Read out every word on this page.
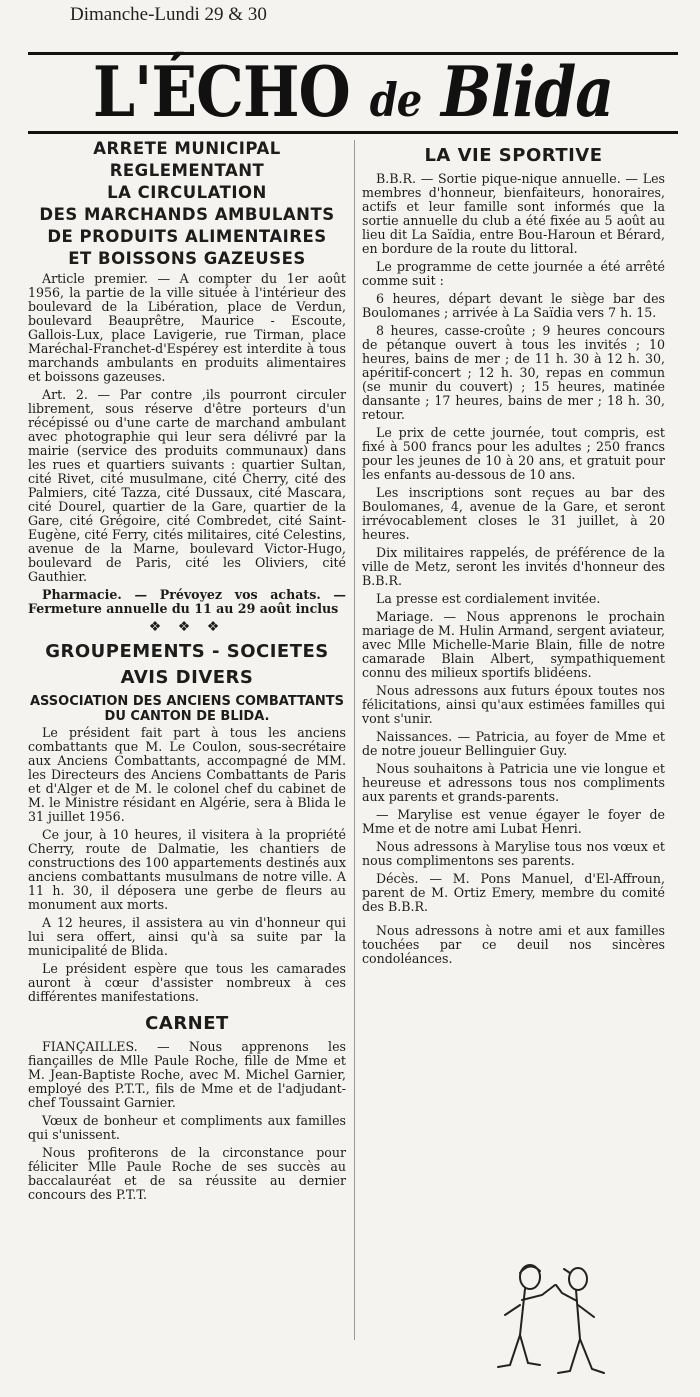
Dimanche-Lundi 29 & 30
L'ÉCHO de Blida
ARRETE MUNICIPAL
REGLEMENTANT
LA CIRCULATION
DES MARCHANDS AMBULANTS
DE PRODUITS ALIMENTAIRES
ET BOISSONS GAZEUSES

Article premier. — A compter du 1er août 1956, la partie de la ville située à l'intérieur des boulevard de la Libération, place de Verdun, boulevard Beauprêtre, Maurice - Escoute, Gallois-Lux, place Lavigerie, rue Tirman, place Maréchal-Franchet-d'Espérey est interdite à tous marchands ambulants en produits alimentaires et boissons gazeuses.

Art. 2. — Par contre ,ils pourront circuler librement, sous réserve d'être porteurs d'un récépissé ou d'une carte de marchand ambulant avec photographie qui leur sera délivré par la mairie (service des produits communaux) dans les rues et quartiers suivants : quartier Sultan, cité Rivet, cité musulmane, cité Cherry, cité des Palmiers, cité Tazza, cité Dussaux, cité Mascara, cité Dourel, quartier de la Gare, quartier de la Gare, cité Grégoire, cité Combredet, cité Saint-Eugène, cité Ferry, cités militaires, cité Celestins, avenue de la Marne, boulevard Victor-Hugo, boulevard de Paris, cité les Oliviers, cité Gauthier.

Pharmacie. — Prévoyez vos achats. — Fermeture annuelle du 11 au 29 août inclus

❖ ❖ ❖
GROUPEMENTS - SOCIETES
AVIS DIVERS
ASSOCIATION DES ANCIENS COMBATTANTS DU CANTON DE BLIDA.

Le président fait part à tous les anciens combattants que M. Le Coulon, sous-secrétaire aux Anciens Combattants, accompagné de MM. les Directeurs des Anciens Combattants de Paris et d'Alger et de M. le colonel chef du cabinet de M. le Ministre résidant en Algérie, sera à Blida le 31 juillet 1956.

Ce jour, à 10 heures, il visitera à la propriété Cherry, route de Dalmatie, les chantiers de constructions des 100 appartements destinés aux anciens combattants musulmans de notre ville. A 11 h. 30, il déposera une gerbe de fleurs au monument aux morts.

A 12 heures, il assistera au vin d'honneur qui lui sera offert, ainsi qu'à sa suite par la municipalité de Blida.

Le président espère que tous les camarades auront à cœur d'assister nombreux à ces différentes manifestations.

CARNET

FIANÇAILLES. — Nous apprenons les fiançailles de Mlle Paule Roche, fille de Mme et M. Jean-Baptiste Roche, avec M. Michel Garnier, employé des P.T.T., fils de Mme et de l'adjudant-chef Toussaint Garnier.

Vœux de bonheur et compliments aux familles qui s'unissent.

Nous profiterons de la circonstance pour féliciter Mlle Paule Roche de ses succès au baccalauréat et de sa réussite au dernier concours des P.T.T.

LA VIE SPORTIVE

B.B.R. — Sortie pique-nique annuelle. — Les membres d'honneur, bienfaiteurs, honoraires, actifs et leur famille sont informés que la sortie annuelle du club a été fixée au 5 août au lieu dit La Saïdia, entre Bou-Haroun et Bérard, en bordure de la route du littoral.

Le programme de cette journée a été arrêté comme suit :

6 heures, départ devant le siège bar des Boulomanes ; arrivée à La Saïdia vers 7 h. 15.

8 heures, casse-croûte ; 9 heures concours de pétanque ouvert à tous les invités ; 10 heures, bains de mer ; de 11 h. 30 à 12 h. 30, apéritif-concert ; 12 h. 30, repas en commun (se munir du couvert) ; 15 heures, matinée dansante ; 17 heures, bains de mer ; 18 h. 30, retour.

Le prix de cette journée, tout compris, est fixé à 500 francs pour les adultes ; 250 francs pour les jeunes de 10 à 20 ans, et gratuit pour les enfants au-dessous de 10 ans.

Les inscriptions sont reçues au bar des Boulomanes, 4, avenue de la Gare, et seront irrévocablement closes le 31 juillet, à 20 heures.

Dix militaires rappelés, de préférence de la ville de Metz, seront les invités d'honneur des B.B.R.

La presse est cordialement invitée.

Mariage. — Nous apprenons le prochain mariage de M. Hulin Armand, sergent aviateur, avec Mlle Michelle-Marie Blain, fille de notre camarade Blain Albert, sympathiquement connu des milieux sportifs blidéens.

Nous adressons aux futurs époux toutes nos félicitations, ainsi qu'aux estimées familles qui vont s'unir.

Naissances. — Patricia, au foyer de Mme et de notre joueur Bellinguier Guy.

Nous souhaitons à Patricia une vie longue et heureuse et adressons tous nos compliments aux parents et grands-parents.

— Marylise est venue égayer le foyer de Mme et de notre ami Lubat Henri.

Nous adressons à Marylise tous nos vœux et nous complimentons ses parents.

Décès. — M. Pons Manuel, d'El-Affroun, parent de M. Ortiz Emery, membre du comité des B.B.R.

Nous adressons à notre ami et aux familles touchées par ce deuil nos sincères condoléances.
